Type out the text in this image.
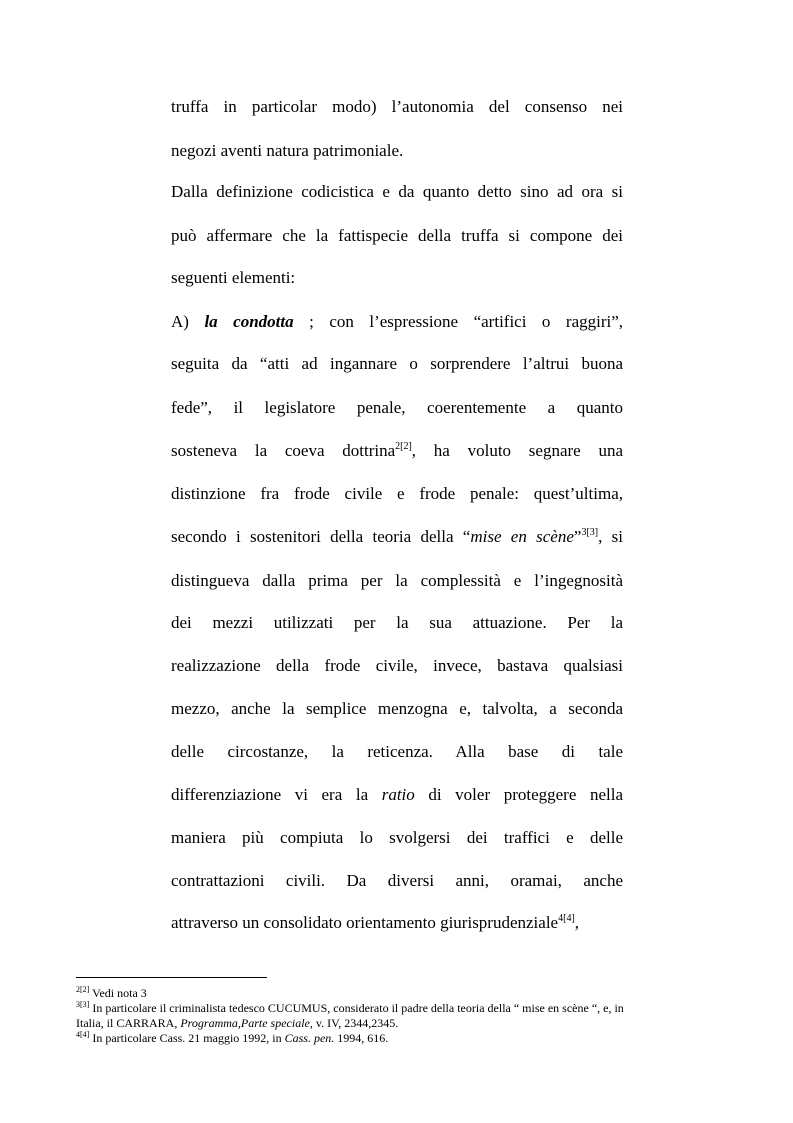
truffa in particolar modo) l’autonomia del consenso nei
negozi aventi natura patrimoniale.
Dalla definizione codicistica e da quanto detto sino ad ora si
può affermare che la fattispecie della truffa si compone dei
seguenti elementi:
A) la condotta ; con l’espressione “artifici o raggiri”,
seguita da “atti ad ingannare o sorprendere l’altrui buona
fede”, il legislatore penale, coerentemente a quanto
sosteneva la coeva dottrina$^{2[2]}$, ha voluto segnare una
distinzione fra frode civile e frode penale: quest’ultima,
secondo i sostenitori della teoria della “mise en scène”$^{3[3]}$, si
distingueva dalla prima per la complessità e l’ingegnosità
dei mezzi utilizzati per la sua attuazione. Per la
realizzazione della frode civile, invece, bastava qualsiasi
mezzo, anche la semplice menzogna e, talvolta, a seconda
delle circostanze, la reticenza. Alla base di tale
differenziazione vi era la ratio di voler proteggere nella
maniera più compiuta lo svolgersi dei traffici e delle
contrattazioni civili. Da diversi anni, oramai, anche
attraverso un consolidato orientamento giurisprudenziale$^{4[4]}$,
$^{2[2]}$ Vedi nota 3
$^{3[3]}$ In particolare il criminalista tedesco CUCUMUS, considerato il padre della teoria della “ mise en scène “, e, in
Italia, il CARRARA, Programma,Parte speciale, v. IV, 2344,2345.
$^{4[4]}$ In particolare Cass. 21 maggio 1992, in Cass. pen. 1994, 616.
